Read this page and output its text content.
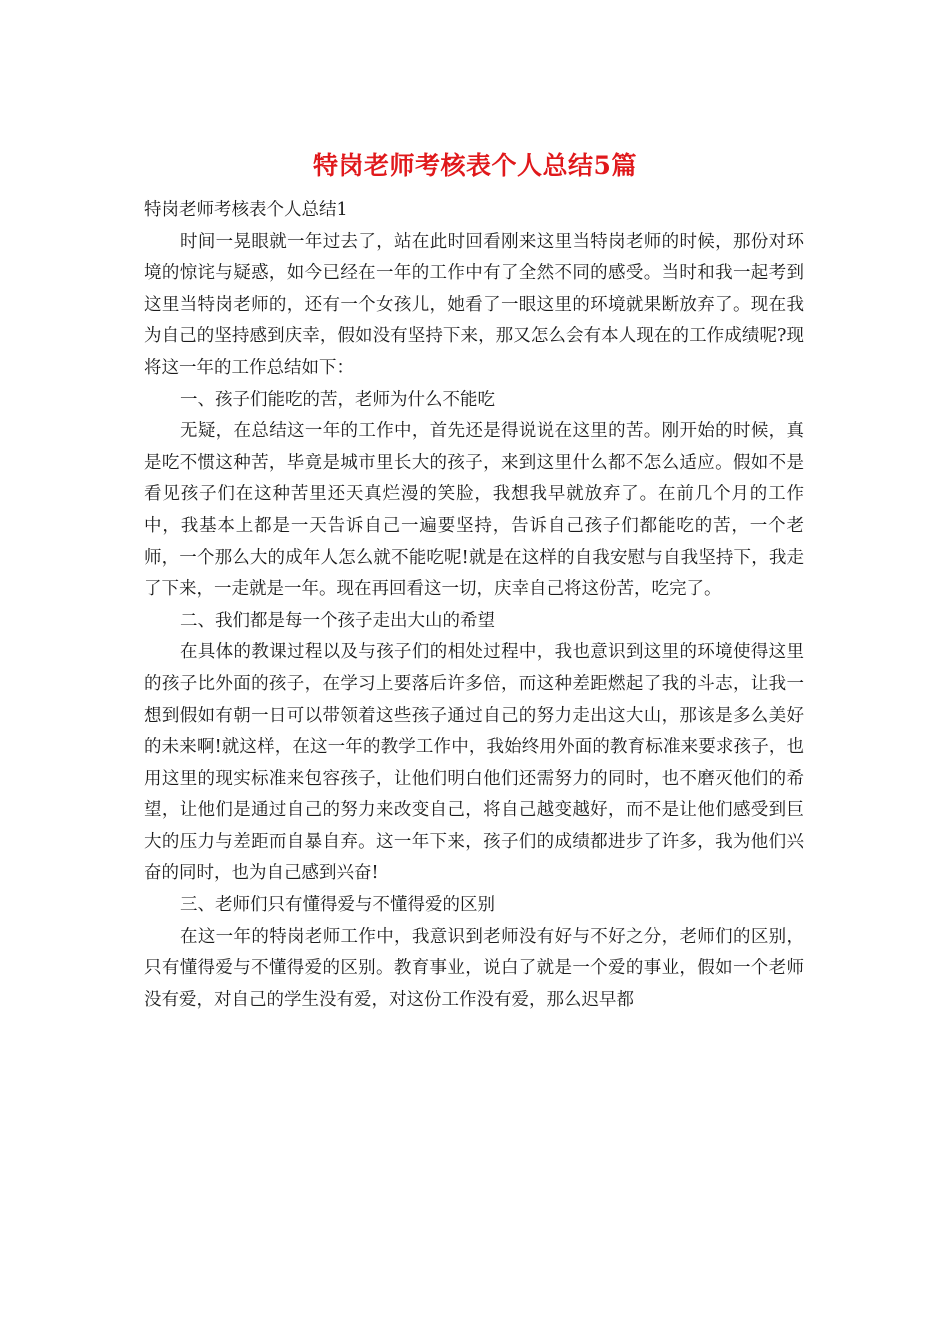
特岗老师考核表个人总结5篇

特岗老师考核表个人总结1

时间一晃眼就一年过去了，站在此时回看刚来这里当特岗老师的时候，那份对环境的惊诧与疑惑，如今已经在一年的工作中有了全然不同的感受。当时和我一起考到这里当特岗老师的，还有一个女孩儿，她看了一眼这里的环境就果断放弃了。现在我为自己的坚持感到庆幸，假如没有坚持下来，那又怎么会有本人现在的工作成绩呢?现将这一年的工作总结如下：

一、孩子们能吃的苦，老师为什么不能吃

无疑，在总结这一年的工作中，首先还是得说说在这里的苦。刚开始的时候，真是吃不惯这种苦，毕竟是城市里长大的孩子，来到这里什么都不怎么适应。假如不是看见孩子们在这种苦里还天真烂漫的笑脸，我想我早就放弃了。在前几个月的工作中，我基本上都是一天告诉自己一遍要坚持，告诉自己孩子们都能吃的苦，一个老师，一个那么大的成年人怎么就不能吃呢!就是在这样的自我安慰与自我坚持下，我走了下来，一走就是一年。现在再回看这一切，庆幸自己将这份苦，吃完了。

二、我们都是每一个孩子走出大山的希望

在具体的教课过程以及与孩子们的相处过程中，我也意识到这里的环境使得这里的孩子比外面的孩子，在学习上要落后许多倍，而这种差距燃起了我的斗志，让我一想到假如有朝一日可以带领着这些孩子通过自己的努力走出这大山，那该是多么美好的未来啊!就这样，在这一年的教学工作中，我始终用外面的教育标准来要求孩子，也用这里的现实标准来包容孩子，让他们明白他们还需努力的同时，也不磨灭他们的希望，让他们是通过自己的努力来改变自己，将自己越变越好，而不是让他们感受到巨大的压力与差距而自暴自弃。这一年下来，孩子们的成绩都进步了许多，我为他们兴奋的同时，也为自己感到兴奋!

三、老师们只有懂得爱与不懂得爱的区别

在这一年的特岗老师工作中，我意识到老师没有好与不好之分，老师们的区别，只有懂得爱与不懂得爱的区别。教育事业，说白了就是一个爱的事业，假如一个老师没有爱，对自己的学生没有爱，对这份工作没有爱，那么迟早都
